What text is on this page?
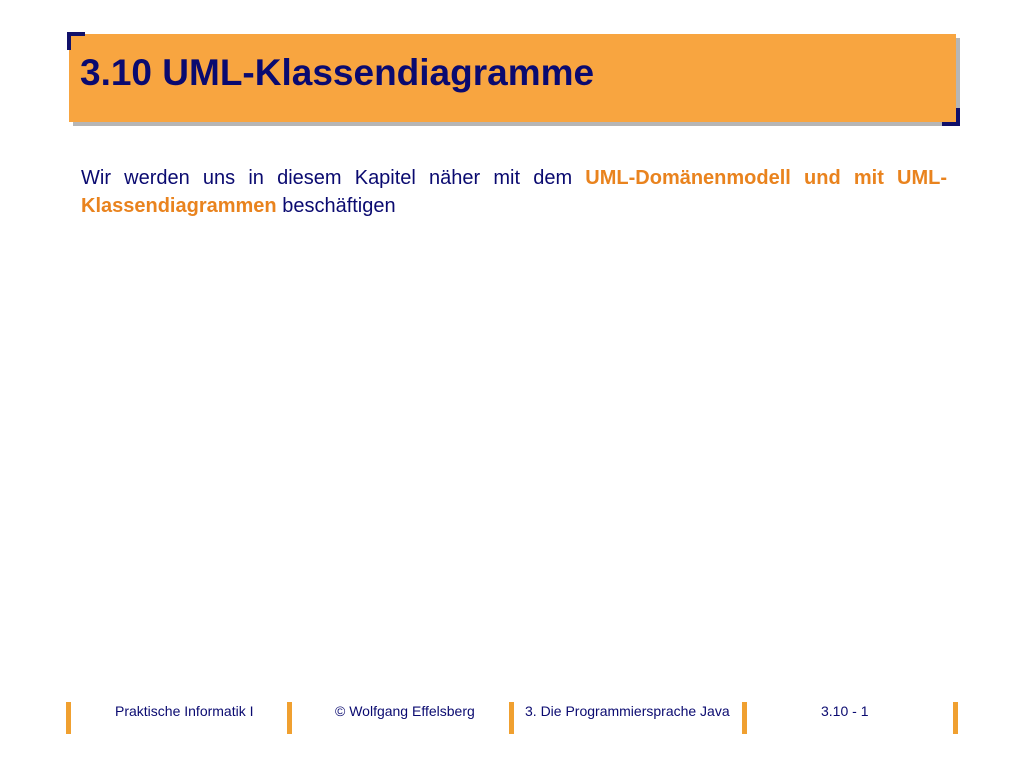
3.10 UML-Klassendiagramme
Wir werden uns in diesem Kapitel näher mit dem UML-Domänenmodell und mit UML-Klassendiagrammen beschäftigen
Praktische Informatik I	© Wolfgang Effelsberg	3. Die Programmiersprache Java	3.10 - 1
